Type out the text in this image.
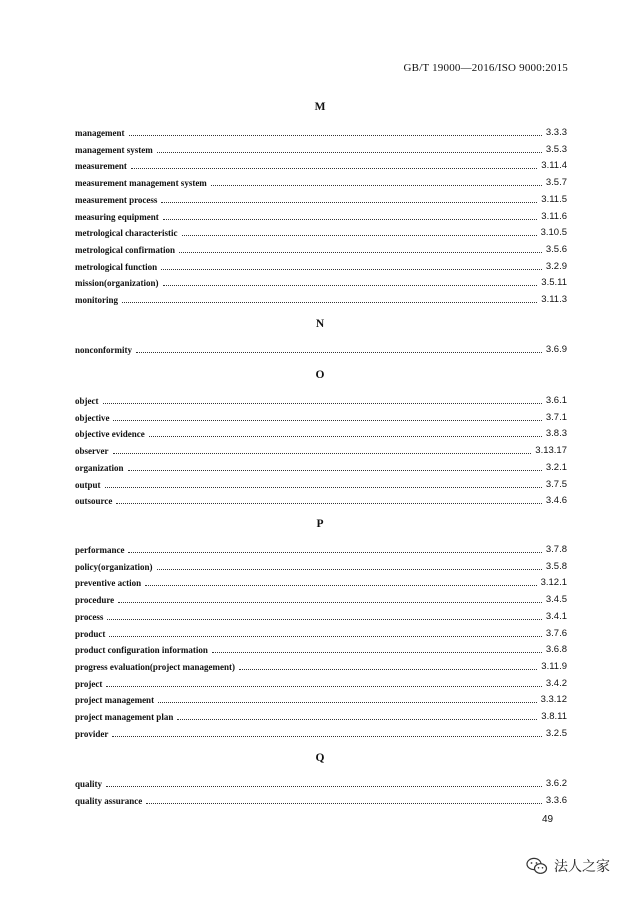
GB/T 19000—2016/ISO 9000:2015
M
management	3.3.3
management system	3.5.3
measurement	3.11.4
measurement management system	3.5.7
measurement process	3.11.5
measuring equipment	3.11.6
metrological characteristic	3.10.5
metrological confirmation	3.5.6
metrological function	3.2.9
mission(organization)	3.5.11
monitoring	3.11.3
N
nonconformity	3.6.9
O
object	3.6.1
objective	3.7.1
objective evidence	3.8.3
observer	3.13.17
organization	3.2.1
output	3.7.5
outsource	3.4.6
P
performance	3.7.8
policy(organization)	3.5.8
preventive action	3.12.1
procedure	3.4.5
process	3.4.1
product	3.7.6
product configuration information	3.6.8
progress evaluation(project management)	3.11.9
project	3.4.2
project management	3.3.12
project management plan	3.8.11
provider	3.2.5
Q
quality	3.6.2
quality assurance	3.3.6
49
法人之家
